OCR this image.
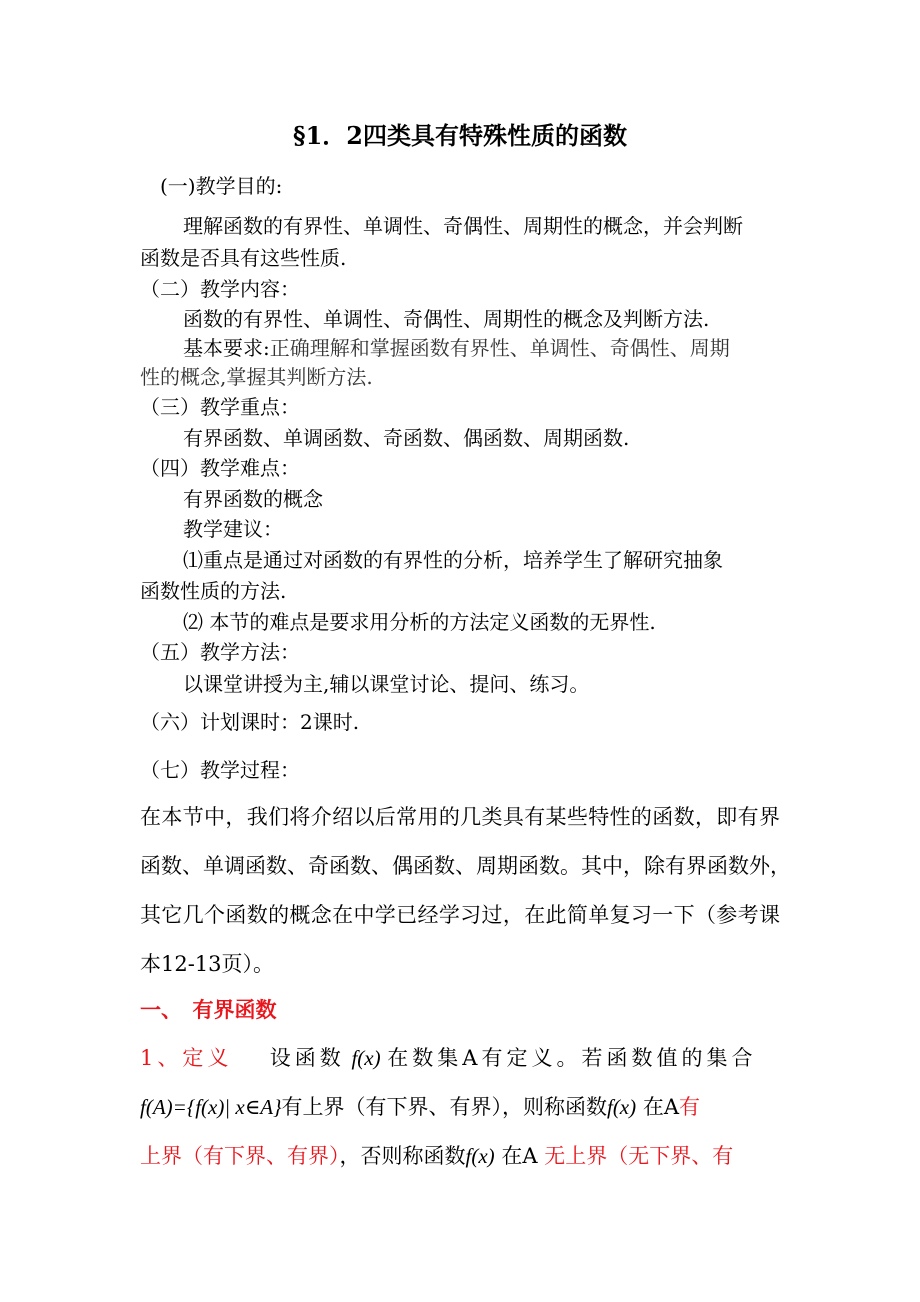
§1．2四类具有特殊性质的函数
(一)教学目的:
理解函数的有界性、单调性、奇偶性、周期性的概念，并会判断
函数是否具有这些性质.
（二）教学内容：
函数的有界性、单调性、奇偶性、周期性的概念及判断方法.
基本要求:正确理解和掌握函数有界性、单调性、奇偶性、周期
性的概念,掌握其判断方法.
（三）教学重点：
有界函数、单调函数、奇函数、偶函数、周期函数.
（四）教学难点：
有界函数的概念
教学建议：
⑴重点是通过对函数的有界性的分析，培养学生了解研究抽象
函数性质的方法.
⑵ 本节的难点是要求用分析的方法定义函数的无界性.
（五）教学方法：
以课堂讲授为主,辅以课堂讨论、提问、练习。
（六）计划课时：2课时.
（七）教学过程：
在本节中，我们将介绍以后常用的几类具有某些特性的函数，即有界
函数、单调函数、奇函数、偶函数、周期函数。其中，除有界函数外，
其它几个函数的概念在中学已经学习过，在此简单复习一下（参考课
本12-13页）。
一、　有界函数
1、定义 设函数 f(x) 在数集A有定义。若函数值的集合
f(A)={f(x)| x∈A}有上界（有下界、有界），则称函数f(x) 在A有
上界（有下界、有界），否则称函数f(x) 在A 无上界（无下界、有
